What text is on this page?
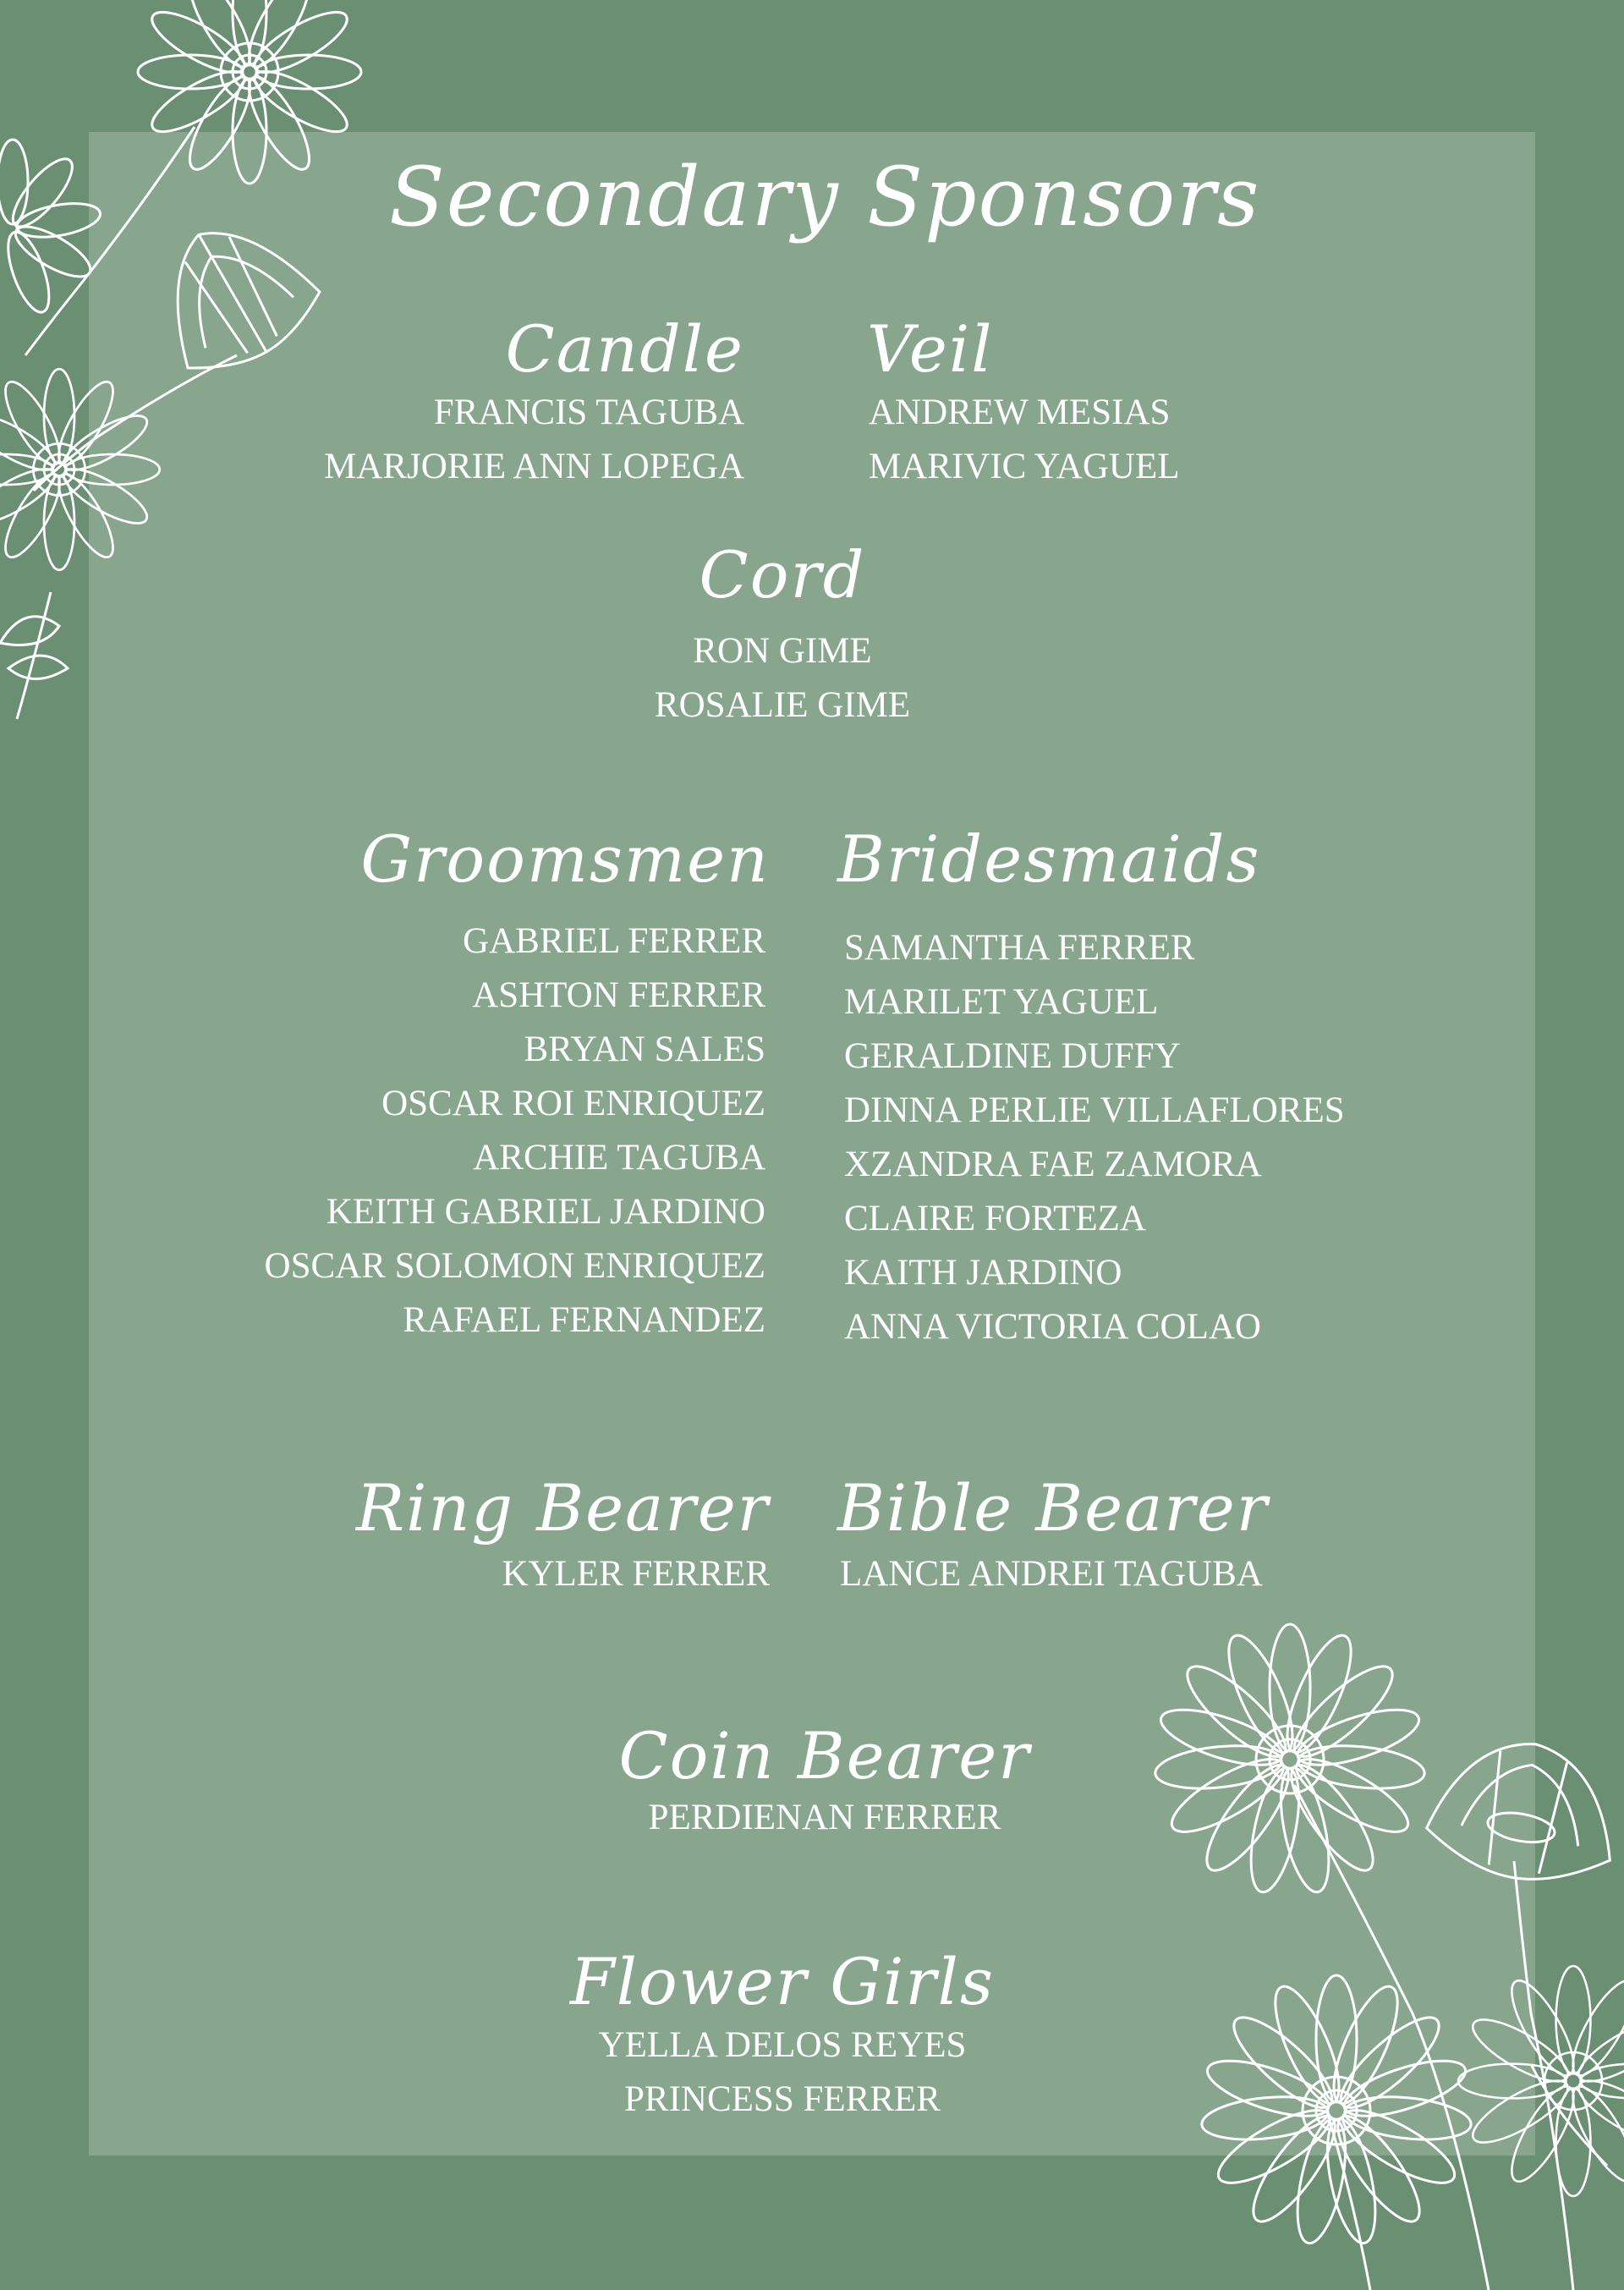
Secondary Sponsors
Candle
FRANCIS TAGUBA
MARJORIE ANN LOPEGA
Veil
ANDREW MESIAS
MARIVIC YAGUEL
Cord
RON GIME
ROSALIE GIME
Groomsmen
GABRIEL FERRER
ASHTON FERRER
BRYAN SALES
OSCAR ROI ENRIQUEZ
ARCHIE TAGUBA
KEITH GABRIEL JARDINO
OSCAR SOLOMON ENRIQUEZ
RAFAEL FERNANDEZ
Bridesmaids
SAMANTHA FERRER
MARILET YAGUEL
GERALDINE DUFFY
DINNA PERLIE VILLAFLORES
XZANDRA FAE ZAMORA
CLAIRE FORTEZA
KAITH JARDINO
ANNA VICTORIA COLAO
Ring Bearer
KYLER FERRER
Bible Bearer
LANCE ANDREI TAGUBA
Coin Bearer
PERDIENAN FERRER
Flower Girls
YELLA DELOS REYES
PRINCESS FERRER
